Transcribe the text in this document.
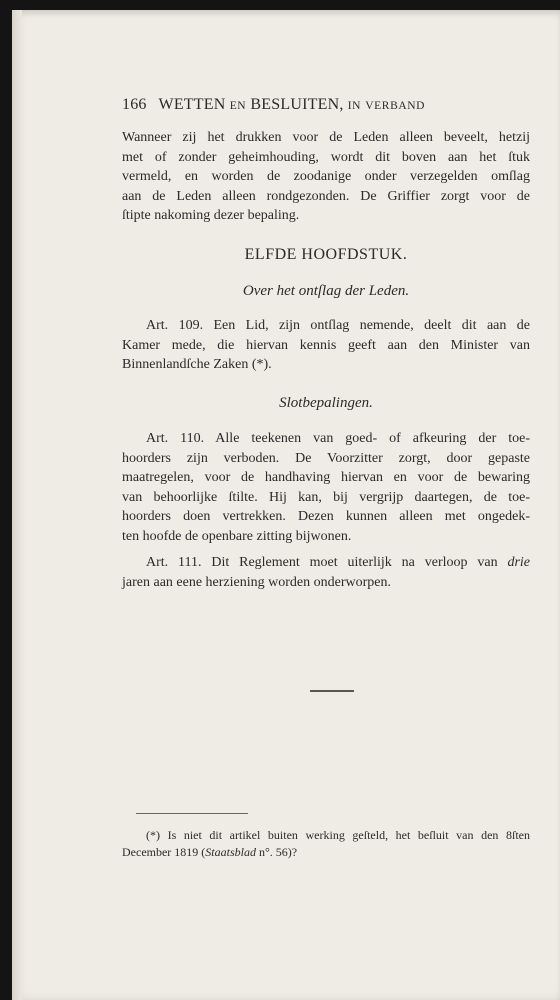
166 WETTEN EN BESLUITEN, IN VERBAND
Wanneer zij het drukken voor de Leden alleen beveelt, hetzij
met of zonder geheimhouding, wordt dit boven aan het ſtuk
vermeld, en worden de zoodanige onder verzegelden omſlag
aan de Leden alleen rondgezonden. De Griffier zorgt voor de
ſtipte nakoming dezer bepaling.
ELFDE HOOFDSTUK.
Over het ontſlag der Leden.
Art. 109. Een Lid, zijn ontſlag nemende, deelt dit aan de
Kamer mede, die hiervan kennis geeft aan den Minister van
Binnenlandſche Zaken (*).
Slotbepalingen.
Art. 110. Alle teekenen van goed- of afkeuring der toe-
hoorders zijn verboden. De Voorzitter zorgt, door gepaste
maatregelen, voor de handhaving hiervan en voor de bewaring
van behoorlijke ſtilte. Hij kan, bij vergrijp daartegen, de toe-
hoorders doen vertrekken. Dezen kunnen alleen met ongedek-
ten hoofde de openbare zitting bijwonen.
Art. 111. Dit Reglement moet uiterlijk na verloop van drie
jaren aan eene herziening worden onderworpen.
(*) Is niet dit artikel buiten werking geſteld, het beſluit van den 8ſten
December 1819 (Staatsblad n°. 56)?
